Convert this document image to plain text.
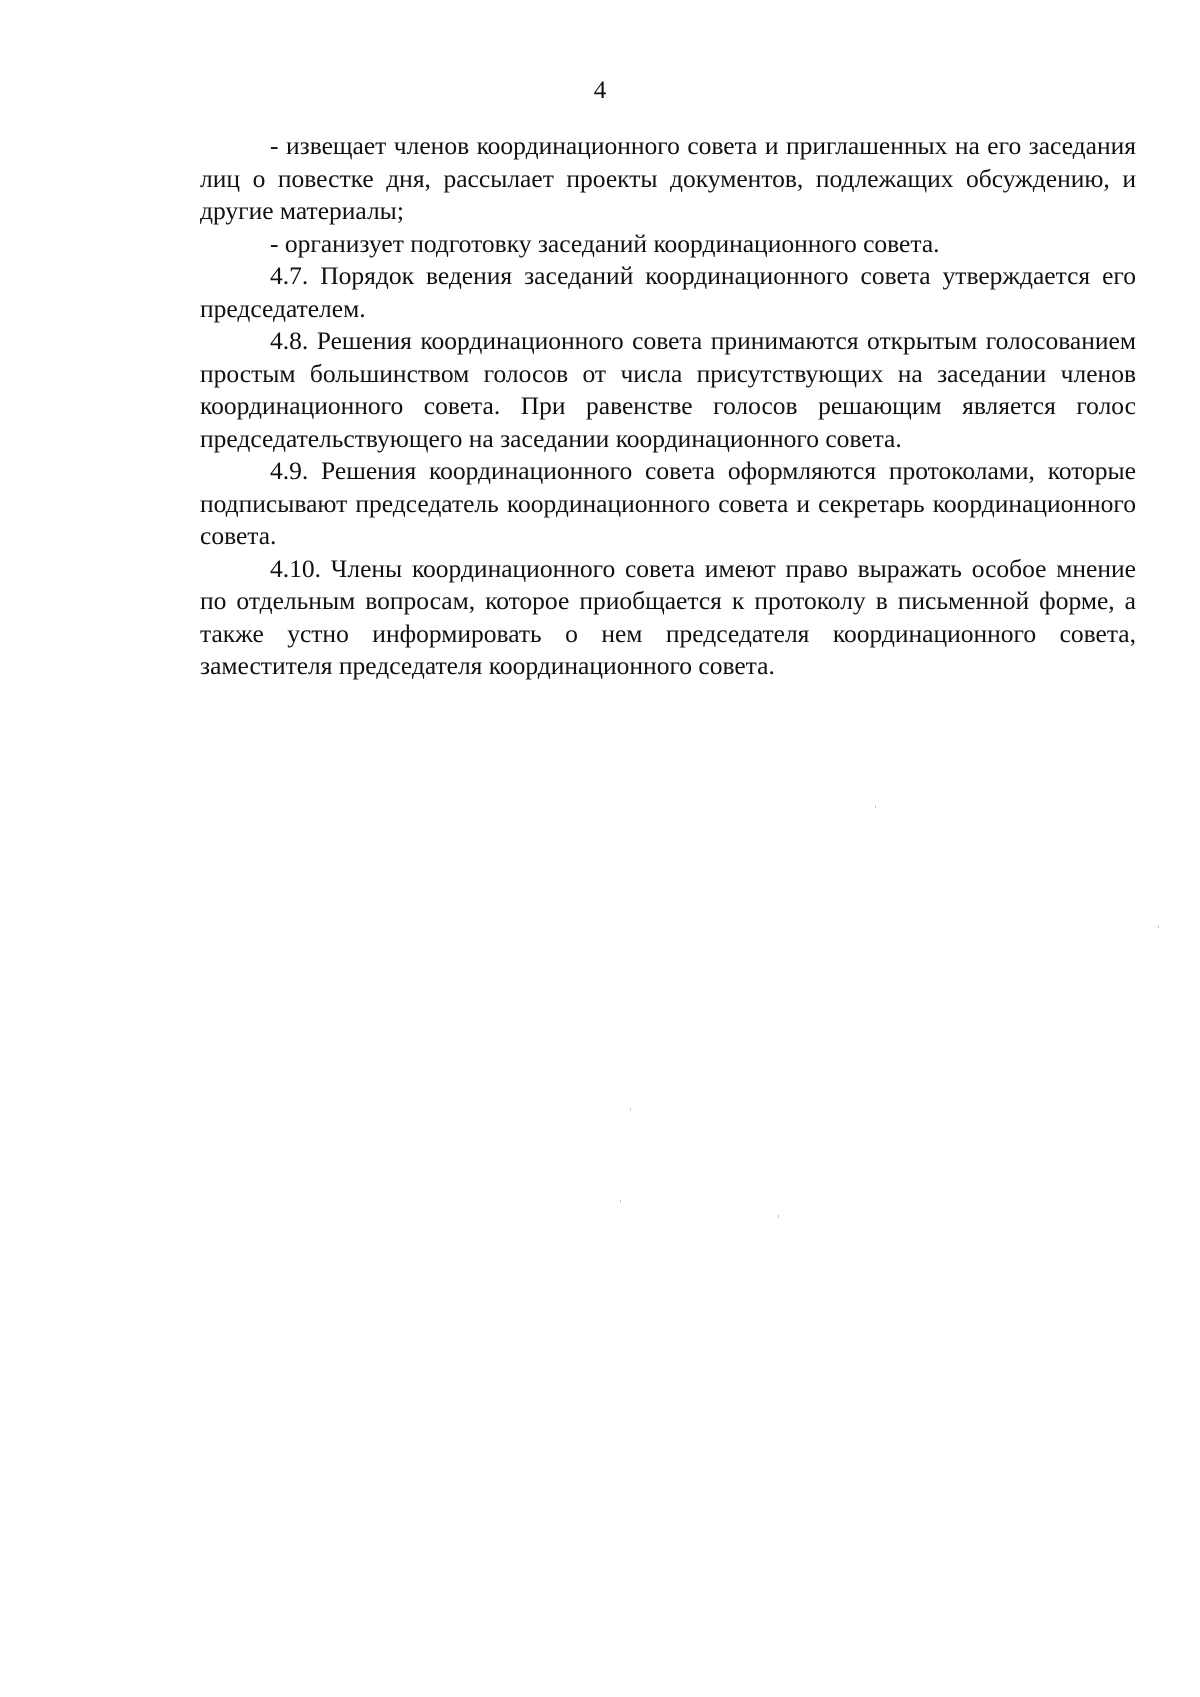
4

- извещает членов координационного совета и приглашенных на его заседания лиц о повестке дня, рассылает проекты документов, подлежащих обсуждению, и другие материалы;

- организует подготовку заседаний координационного совета.

4.7. Порядок ведения заседаний координационного совета утверждается его председателем.

4.8. Решения координационного совета принимаются открытым голосованием простым большинством голосов от числа присутствующих на заседании членов координационного совета. При равенстве голосов решающим является голос председательствующего на заседании координационного совета.

4.9. Решения координационного совета оформляются протоколами, которые подписывают председатель координационного совета и секретарь координационного совета.

4.10. Члены координационного совета имеют право выражать особое мнение по отдельным вопросам, которое приобщается к протоколу в письменной форме, а также устно информировать о нем председателя координационного совета, заместителя председателя координационного совета.
